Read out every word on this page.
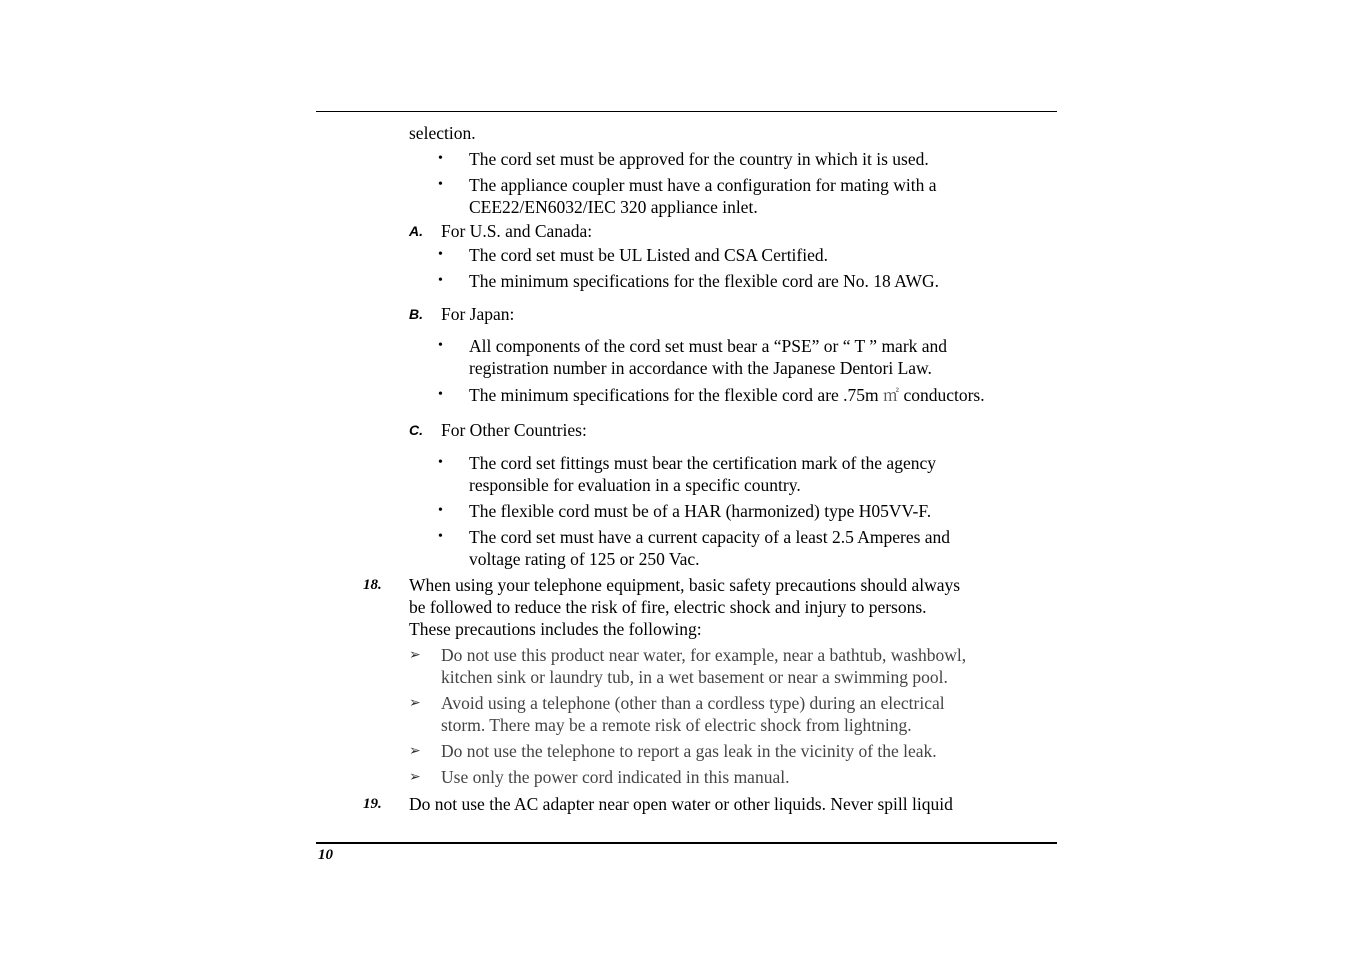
selection.
• The cord set must be approved for the country in which it is used.
• The appliance coupler must have a configuration for mating with a
CEE22/EN6032/IEC 320 appliance inlet.
A. For U.S. and Canada:
• The cord set must be UL Listed and CSA Certified.
• The minimum specifications for the flexible cord are No. 18 AWG.
B. For Japan:
• All components of the cord set must bear a “PSE” or “ T ” mark and
registration number in accordance with the Japanese Dentori Law.
• The minimum specifications for the flexible cord are .75m ㎡ conductors.
C. For Other Countries:
• The cord set fittings must bear the certification mark of the agency
responsible for evaluation in a specific country.
• The flexible cord must be of a HAR (harmonized) type H05VV-F.
• The cord set must have a current capacity of a least 2.5 Amperes and
voltage rating of 125 or 250 Vac.
18. When using your telephone equipment, basic safety precautions should always
be followed to reduce the risk of fire, electric shock and injury to persons.
These precautions includes the following:
➢ Do not use this product near water, for example, near a bathtub, washbowl,
kitchen sink or laundry tub, in a wet basement or near a swimming pool.
➢ Avoid using a telephone (other than a cordless type) during an electrical
storm. There may be a remote risk of electric shock from lightning.
➢ Do not use the telephone to report a gas leak in the vicinity of the leak.
➢ Use only the power cord indicated in this manual.
19. Do not use the AC adapter near open water or other liquids. Never spill liquid
10
